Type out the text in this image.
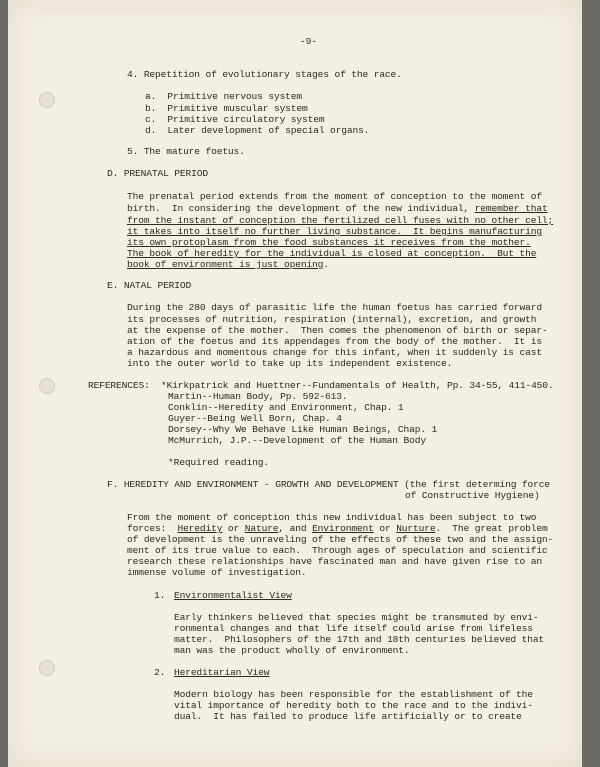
-9-
4. Repetition of evolutionary stages of the race.
a.  Primitive nervous system
b.  Primitive muscular system
c.  Primitive circulatory system
d.  Later development of special organs.
5. The mature foetus.
D. PRENATAL PERIOD
The prenatal period extends from the moment of conception to the moment of
birth.  In considering the development of the new individual, remember that
from the instant of conception the fertilized cell fuses with no other cell;
it takes into itself no further living substance.  It begins manufacturing
its own protoplasm from the food substances it receives from the mother.
The book of heredity for the individual is closed at conception.  But the
book of environment is just opening.
E. NATAL PERIOD
During the 280 days of parasitic life the human foetus has carried forward
its processes of nutrition, respiration (internal), excretion, and growth
at the expense of the mother.  Then comes the phenomenon of birth or separ-
ation of the foetus and its appendages from the body of the mother.  It is
a hazardous and momentous change for this infant, when it suddenly is cast
into the outer world to take up its independent existence.
REFERENCES: *Kirkpatrick and Huettner--Fundamentals of Health, Pp. 34-55, 411-450.
Martin--Human Body, Pp. 592-613.
Conklin--Heredity and Environment, Chap. 1
Guyer--Being Well Born, Chap. 4
Dorsey--Why We Behave Like Human Beings, Chap. 1
McMurrich, J.P.--Development of the Human Body
*Required reading.
F. HEREDITY AND ENVIRONMENT - GROWTH AND DEVELOPMENT (the first determing force
of Constructive Hygiene)
From the moment of conception this new individual has been subject to two
forces:  Heredity or Nature, and Environment or Nurture.  The great problem
of development is the unraveling of the effects of these two and the assign-
ment of its true value to each.  Through ages of speculation and scientific
research these relationships have fascinated man and have given rise to an
immense volume of investigation.
1. Environmentalist View
Early thinkers believed that species might be transmuted by envi-
ronmental changes and that life itself could arise from lifeless
matter.  Philosophers of the 17th and 18th centuries believed that
man was the product wholly of environment.
2. Hereditarian View
Modern biology has been responsible for the establishment of the
vital importance of heredity both to the race and to the indivi-
dual.  It has failed to produce life artificially or to create
